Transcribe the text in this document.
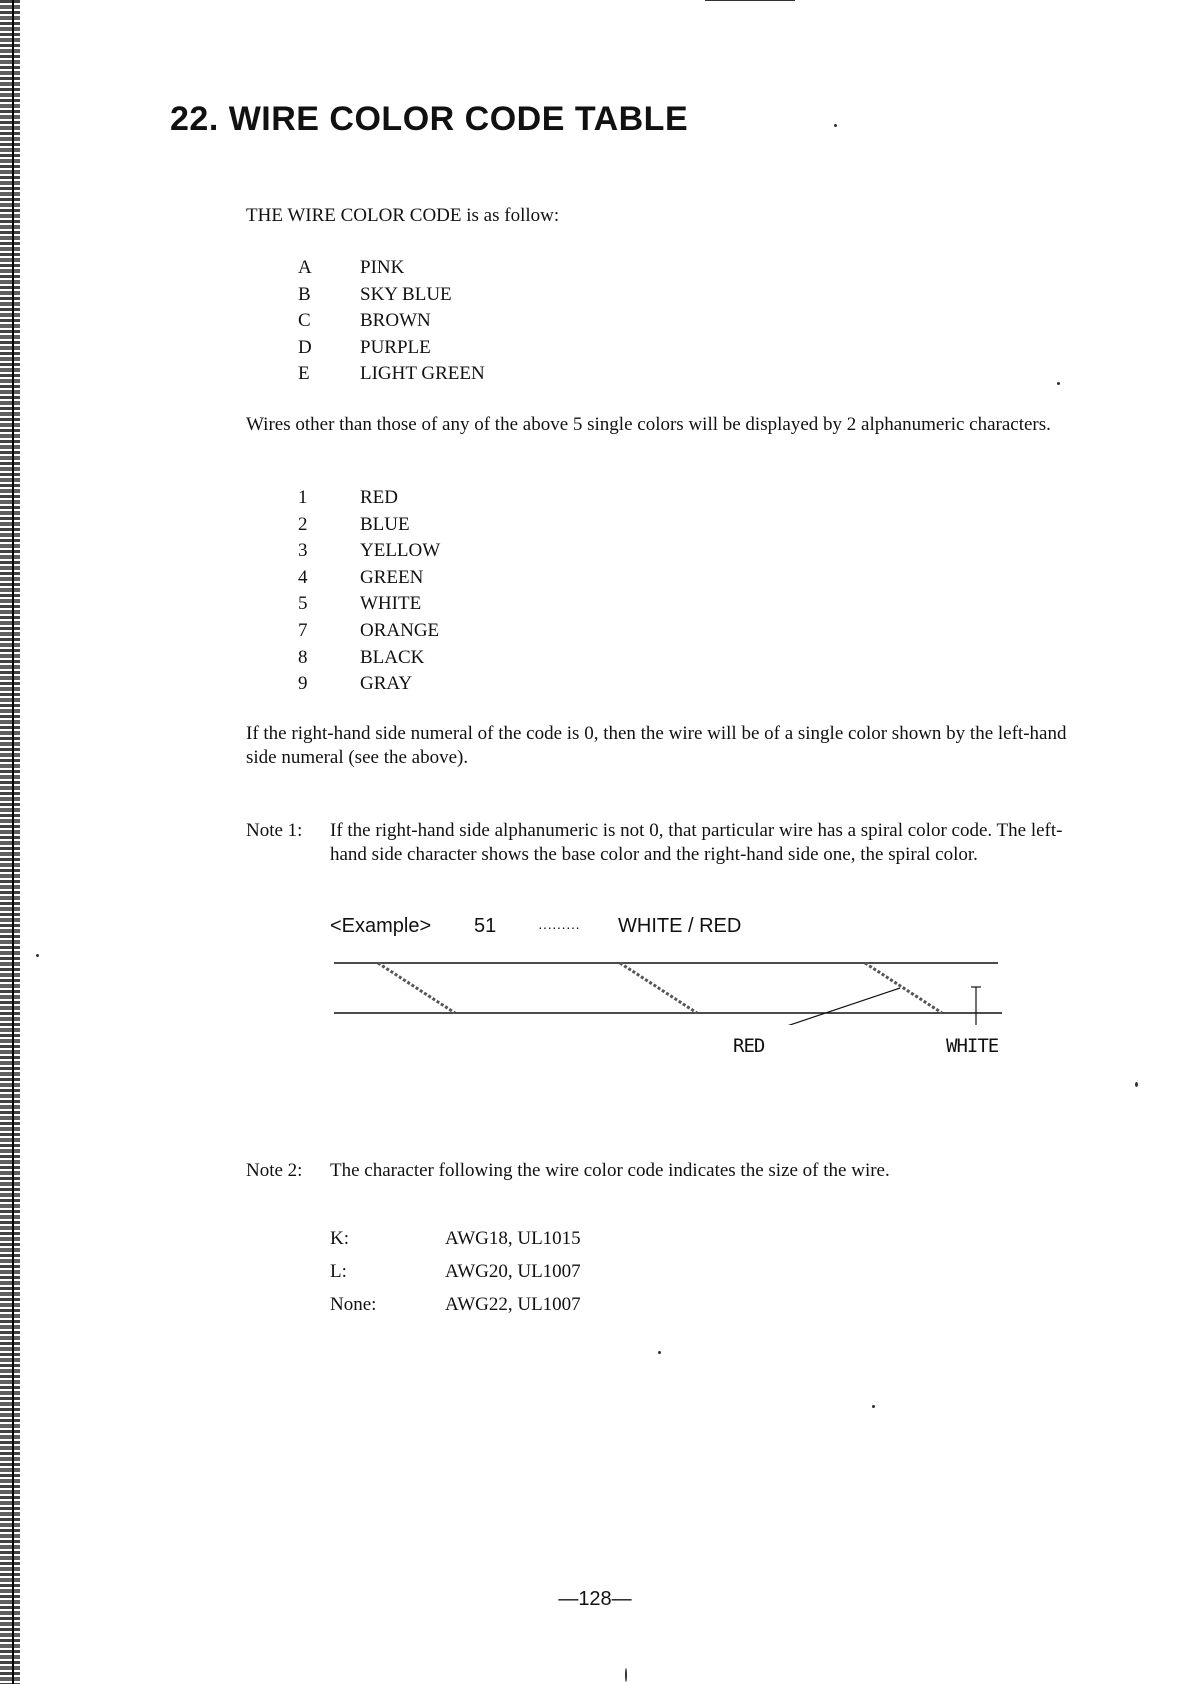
22. WIRE COLOR CODE TABLE

THE WIRE COLOR CODE is as follow:

A	PINK
B	SKY BLUE
C	BROWN
D	PURPLE
E	LIGHT GREEN

Wires other than those of any of the above 5 single colors will be displayed by 2 alphanumeric characters.

1	RED
2	BLUE
3	YELLOW
4	GREEN
5	WHITE
7	ORANGE
8	BLACK
9	GRAY

If the right-hand side numeral of the code is 0, then the wire will be of a single color shown by the left-hand side numeral (see the above).

Note 1: If the right-hand side alphanumeric is not 0, that particular wire has a spiral color code. The left-hand side character shows the base color and the right-hand side one, the spiral color.

<Example> 51	········· WHITE / RED
RED	WHITE

Note 2: The character following the wire color code indicates the size of the wire.

K:	AWG18, UL1015
L:	AWG20, UL1007
None:	AWG22, UL1007
—128—
